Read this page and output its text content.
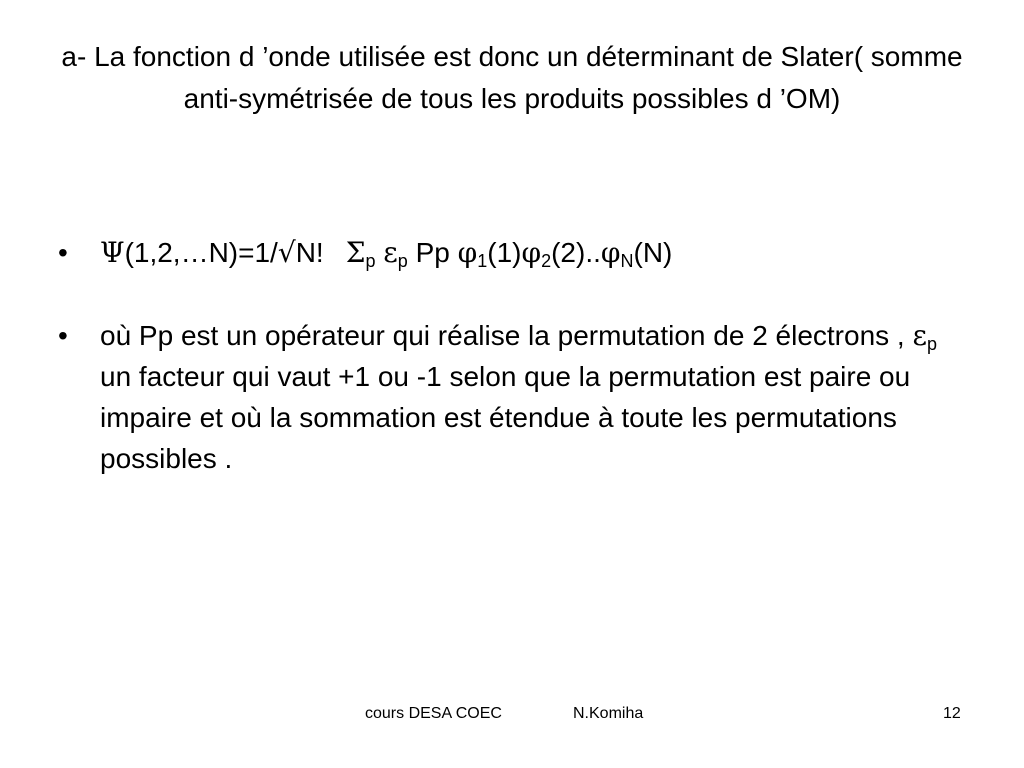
a- La fonction d ’onde utilisée est donc un déterminant de Slater( somme anti-symétrisée de tous les produits possibles d ’OM)
•	Ψ(1,2,…N)=1/√N! $\Sigma_p$ $\varepsilon_p$ Pp $\varphi_1(1)\varphi_2(2)..\varphi_N(N)$
•	où Pp est un opérateur qui réalise la permutation de 2 électrons , $\varepsilon_p$ un facteur qui vaut +1 ou -1 selon que la permutation est paire ou impaire et où la sommation est étendue à toute les permutations possibles .
cours DESA COEC	N.Komiha	12
